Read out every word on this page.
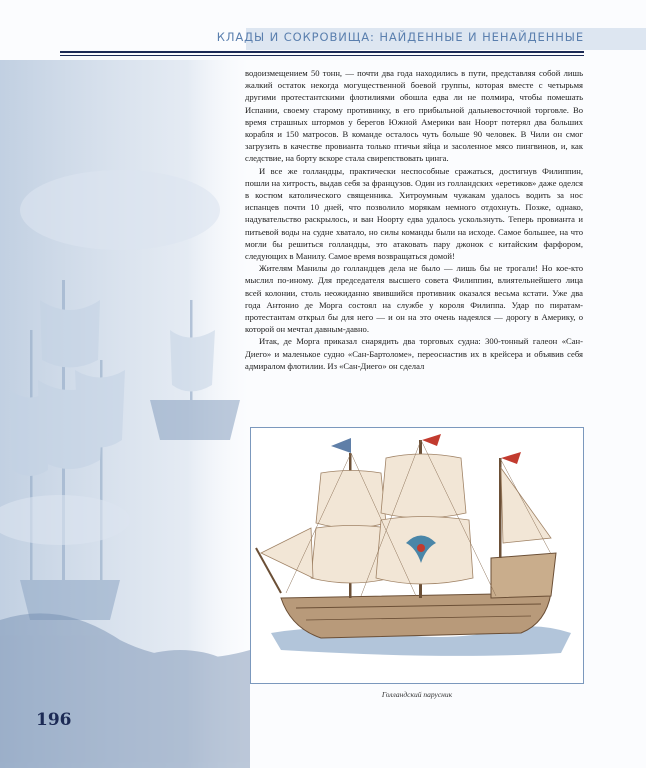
КЛАДЫ И СОКРОВИЩА: НАЙДЕННЫЕ И НЕНАЙДЕННЫЕ

водоизмещением 50 тонн, — почти два года находились в пути, представляя собой лишь жалкий остаток некогда могущественной боевой группы, которая вместе с четырьмя другими протестантскими флотилиями обошла едва ли не полмира, чтобы помешать Испании, своему старому противнику, в его прибыльной дальневосточной торговле. Во время страшных штормов у берегов Южной Америки ван Ноорт потерял два больших корабля и 150 матросов. В команде осталось чуть больше 90 человек. В Чили он смог загрузить в качестве провианта только птичьи яйца и засоленное мясо пингвинов, и, как следствие, на борту вскоре стала свирепствовать цинга.

И все же голландцы, практически неспособные сражаться, достигнув Филиппин, пошли на хитрость, выдав себя за французов. Один из голландских «еретиков» даже оделся в костюм католического священника. Хитроумным чужакам удалось водить за нос испанцев почти 10 дней, что позволило морякам немного отдохнуть. Позже, однако, надувательство раскрылось, и ван Ноорту едва удалось ускользнуть. Теперь провианта и питьевой воды на судне хватало, но силы команды были на исходе. Самое большее, на что могли бы решиться голландцы, это атаковать пару джонок с китайским фарфором, следующих в Манилу. Самое время возвращаться домой!

Жителям Манилы до голландцев дела не было — лишь бы не трогали! Но кое-кто мыслил по-иному. Для председателя высшего совета Филиппин, влиятельнейшего лица всей колонии, столь неожиданно явившийся противник оказался весьма кстати. Уже два года Антонио де Морга состоял на службе у короля Филиппа. Удар по пиратам-протестантам открыл бы для него — и он на это очень надеялся — дорогу в Америку, о которой он мечтал давным-давно.

Итак, де Морга приказал снарядить два торговых судна: 300-тонный галеон «Сан-Диего» и маленькое судно «Сан-Бартоломе», переоснастив их в крейсера и объявив себя адмиралом флотилии. Из «Сан-Диего» он сделал

Голландский парусник
196
